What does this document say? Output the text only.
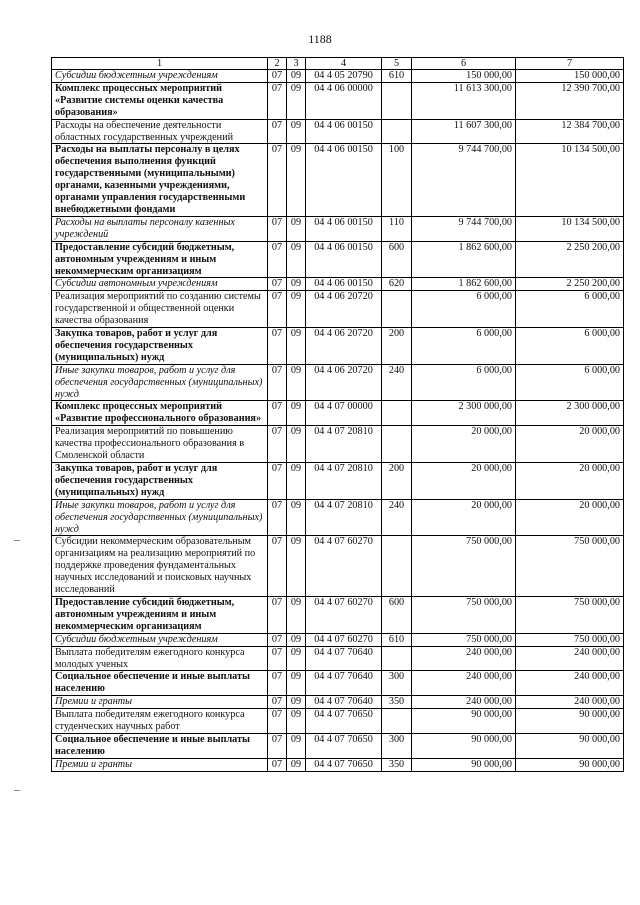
1188
1	2	3	4	5	6	7
Субсидии бюджетным учреждениям	07	09	04 4 05 20790	610	150 000,00	150 000,00
Комплекс процессных мероприятий «Развитие системы оценки качества образования»	07	09	04 4 06 00000		11 613 300,00	12 390 700,00
Расходы на обеспечение деятельности областных государственных учреждений	07	09	04 4 06 00150		11 607 300,00	12 384 700,00
Расходы на выплаты персоналу в целях обеспечения выполнения функций государственными (муниципальными) органами, казенными учреждениями, органами управления государственными внебюджетными фондами	07	09	04 4 06 00150	100	9 744 700,00	10 134 500,00
Расходы на выплаты персоналу казенных учреждений	07	09	04 4 06 00150	110	9 744 700,00	10 134 500,00
Предоставление субсидий бюджетным, автономным учреждениям и иным некоммерческим организациям	07	09	04 4 06 00150	600	1 862 600,00	2 250 200,00
Субсидии автономным учреждениям	07	09	04 4 06 00150	620	1 862 600,00	2 250 200,00
Реализация мероприятий по созданию системы государственной и общественной оценки качества образования	07	09	04 4 06 20720		6 000,00	6 000,00
Закупка товаров, работ и услуг для обеспечения государственных (муниципальных) нужд	07	09	04 4 06 20720	200	6 000,00	6 000,00
Иные закупки товаров, работ и услуг для обеспечения государственных (муниципальных) нужд	07	09	04 4 06 20720	240	6 000,00	6 000,00
Комплекс процессных мероприятий «Развитие профессионального образования»	07	09	04 4 07 00000		2 300 000,00	2 300 000,00
Реализация мероприятий по повышению качества профессионального образования в Смоленской области	07	09	04 4 07 20810		20 000,00	20 000,00
Закупка товаров, работ и услуг для обеспечения государственных (муниципальных) нужд	07	09	04 4 07 20810	200	20 000,00	20 000,00
Иные закупки товаров, работ и услуг для обеспечения государственных (муниципальных) нужд	07	09	04 4 07 20810	240	20 000,00	20 000,00
Субсидии некоммерческим образовательным организациям на реализацию мероприятий по поддержке проведения фундаментальных научных исследований и поисковых научных исследований	07	09	04 4 07 60270		750 000,00	750 000,00
Предоставление субсидий бюджетным, автономным учреждениям и иным некоммерческим организациям	07	09	04 4 07 60270	600	750 000,00	750 000,00
Субсидии бюджетным учреждениям	07	09	04 4 07 60270	610	750 000,00	750 000,00
Выплата победителям ежегодного конкурса молодых ученых	07	09	04 4 07 70640		240 000,00	240 000,00
Социальное обеспечение и иные выплаты населению	07	09	04 4 07 70640	300	240 000,00	240 000,00
Премии и гранты	07	09	04 4 07 70640	350	240 000,00	240 000,00
Выплата победителям ежегодного конкурса студенческих научных работ	07	09	04 4 07 70650		90 000,00	90 000,00
Социальное обеспечение и иные выплаты населению	07	09	04 4 07 70650	300	90 000,00	90 000,00
Премии и гранты	07	09	04 4 07 70650	350	90 000,00	90 000,00
